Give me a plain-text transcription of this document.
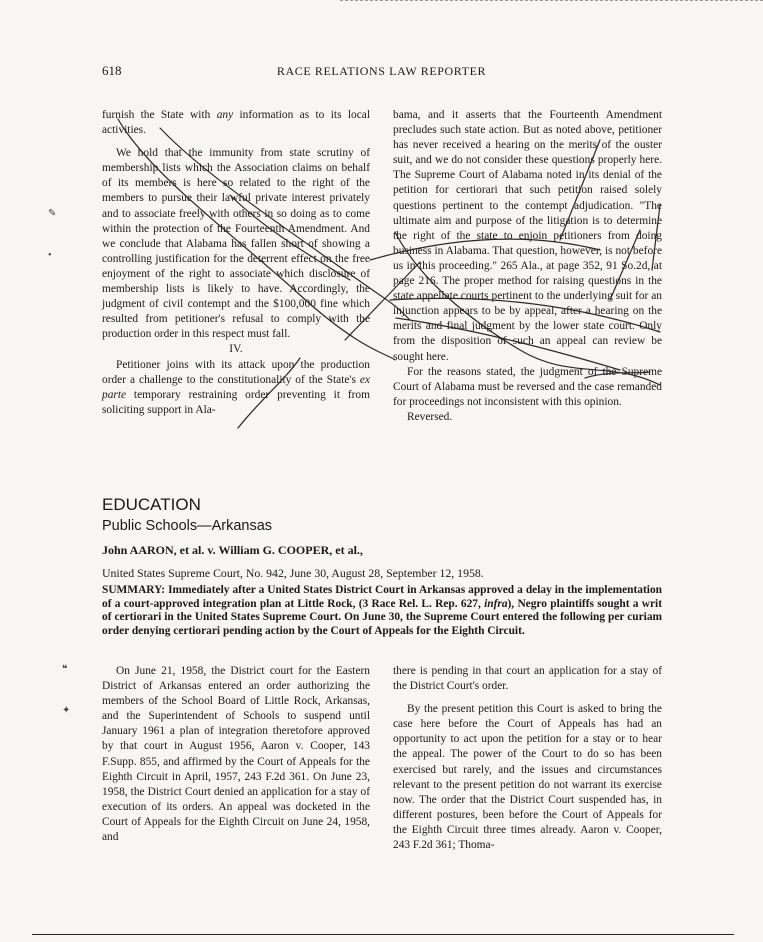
618	RACE RELATIONS LAW REPORTER

furnish the State with any information as to its local activities.

We hold that the immunity from state scrutiny of membership lists which the Association claims on behalf of its members is here so related to the right of the members to pursue their lawful private interest privately and to associate freely with others in so doing as to come within the protection of the Fourteenth Amendment. And we conclude that Alabama has fallen short of showing a controlling justification for the deterrent effect on the free enjoyment of the right to associate which disclosure of membership lists is likely to have. Accordingly, the judgment of civil contempt and the $100,000 fine which resulted from petitioner's refusal to comply with the production order in this respect must fall.

IV.

Petitioner joins with its attack upon the production order a challenge to the constitutionality of the State's ex parte temporary restraining order preventing it from soliciting support in Ala-

bama, and it asserts that the Fourteenth Amendment precludes such state action. But as noted above, petitioner has never received a hearing on the merits of the ouster suit, and we do not consider these questions properly here. The Supreme Court of Alabama noted in its denial of the petition for certiorari that such petition raised solely questions pertinent to the contempt adjudication. "The ultimate aim and purpose of the litigation is to determine the right of the state to enjoin petitioners from doing business in Alabama. That question, however, is not before us in this proceeding." 265 Ala., at page 352, 91 So.2d, at page 216. The proper method for raising questions in the state appellate courts pertinent to the underlying suit for an injunction appears to be by appeal, after a hearing on the merits and final judgment by the lower state court. Only from the disposition of such an appeal can review be sought here.

For the reasons stated, the judgment of the Supreme Court of Alabama must be reversed and the case remanded for proceedings not inconsistent with this opinion.

Reversed.

✎
•
❝
✦
EDUCATION
Public Schools—Arkansas
John AARON, et al. v. William G. COOPER, et al.,
United States Supreme Court, No. 942, June 30, August 28, September 12, 1958.

SUMMARY: Immediately after a United States District Court in Arkansas approved a delay in the implementation of a court-approved integration plan at Little Rock, (3 Race Rel. L. Rep. 627, infra), Negro plaintiffs sought a writ of certiorari in the United States Supreme Court. On June 30, the Supreme Court entered the following per curiam order denying certiorari pending action by the Court of Appeals for the Eighth Circuit.

On June 21, 1958, the District court for the Eastern District of Arkansas entered an order authorizing the members of the School Board of Little Rock, Arkansas, and the Superintendent of Schools to suspend until January 1961 a plan of integration theretofore approved by that court in August 1956, Aaron v. Cooper, 143 F.Supp. 855, and affirmed by the Court of Appeals for the Eighth Circuit in April, 1957, 243 F.2d 361. On June 23, 1958, the District Court denied an application for a stay of execution of its orders. An appeal was docketed in the Court of Appeals for the Eighth Circuit on June 24, 1958, and

there is pending in that court an application for a stay of the District Court's order.

By the present petition this Court is asked to bring the case here before the Court of Appeals has had an opportunity to act upon the petition for a stay or to hear the appeal. The power of the Court to do so has been exercised but rarely, and the issues and circumstances relevant to the present petition do not warrant its exercise now. The order that the District Court suspended has, in different postures, been before the Court of Appeals for the Eighth Circuit three times already. Aaron v. Cooper, 243 F.2d 361; Thoma-
